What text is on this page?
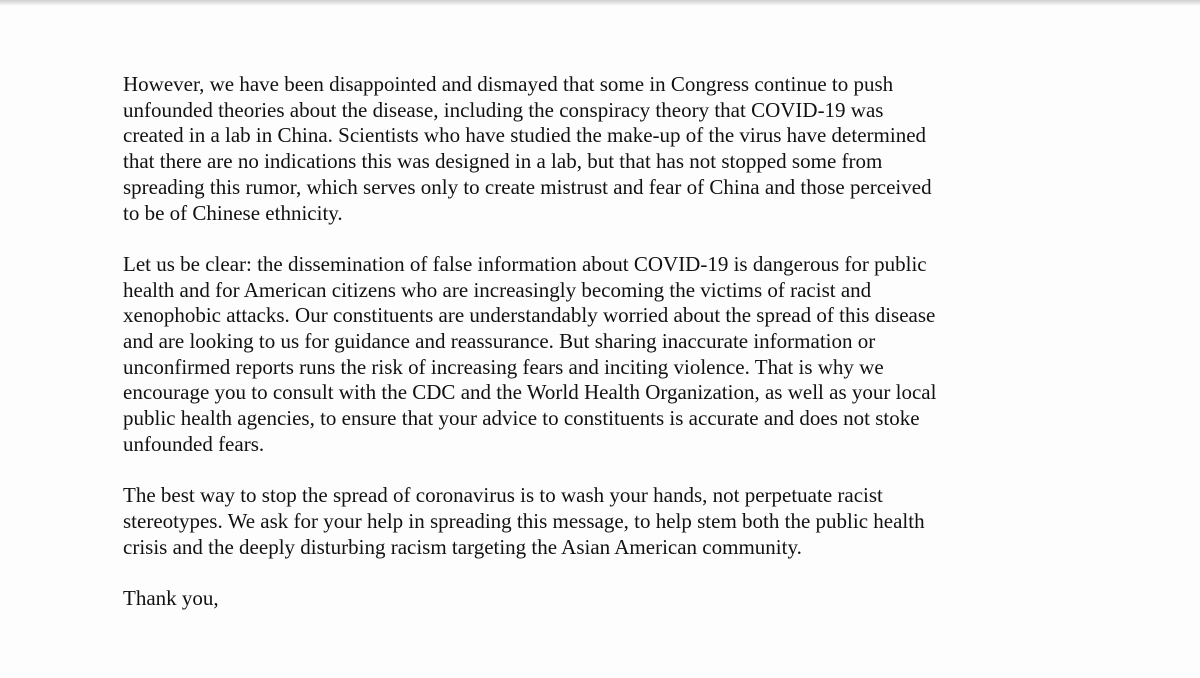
However, we have been disappointed and dismayed that some in Congress continue to push
unfounded theories about the disease, including the conspiracy theory that COVID-19 was
created in a lab in China. Scientists who have studied the make-up of the virus have determined
that there are no indications this was designed in a lab, but that has not stopped some from
spreading this rumor, which serves only to create mistrust and fear of China and those perceived
to be of Chinese ethnicity.

Let us be clear: the dissemination of false information about COVID-19 is dangerous for public
health and for American citizens who are increasingly becoming the victims of racist and
xenophobic attacks. Our constituents are understandably worried about the spread of this disease
and are looking to us for guidance and reassurance. But sharing inaccurate information or
unconfirmed reports runs the risk of increasing fears and inciting violence. That is why we
encourage you to consult with the CDC and the World Health Organization, as well as your local
public health agencies, to ensure that your advice to constituents is accurate and does not stoke
unfounded fears.

The best way to stop the spread of coronavirus is to wash your hands, not perpetuate racist
stereotypes. We ask for your help in spreading this message, to help stem both the public health
crisis and the deeply disturbing racism targeting the Asian American community.

Thank you,
